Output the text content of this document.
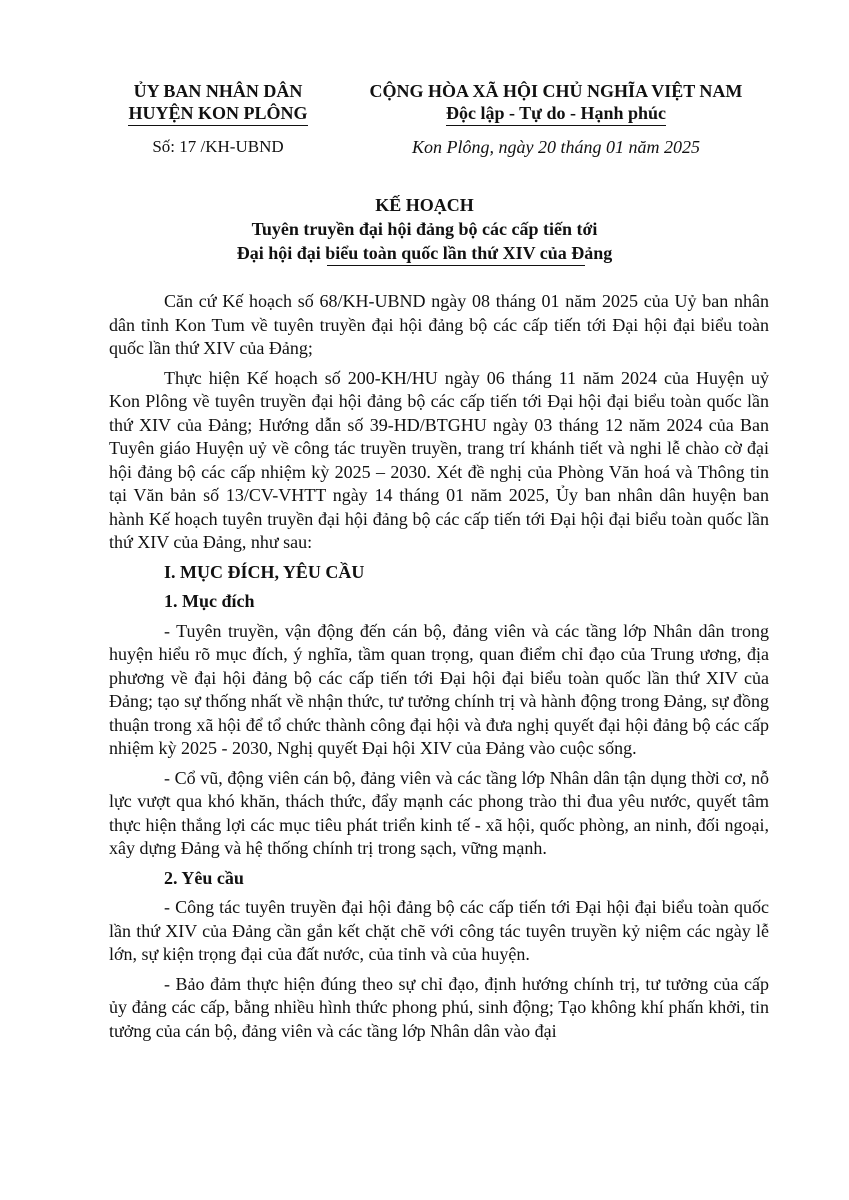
ỦY BAN NHÂN DÂN
HUYỆN KON PLÔNG
Số: 17 /KH-UBND
CỘNG HÒA XÃ HỘI CHỦ NGHĨA VIỆT NAM
Độc lập - Tự do - Hạnh phúc
Kon Plông, ngày 20 tháng 01 năm 2025
KẾ HOẠCH
Tuyên truyền đại hội đảng bộ các cấp tiến tới
Đại hội đại biểu toàn quốc lần thứ XIV của Đảng

Căn cứ Kế hoạch số 68/KH-UBND ngày 08 tháng 01 năm 2025 của Uỷ ban nhân dân tỉnh Kon Tum về tuyên truyền đại hội đảng bộ các cấp tiến tới Đại hội đại biểu toàn quốc lần thứ XIV của Đảng;

Thực hiện Kế hoạch số 200-KH/HU ngày 06 tháng 11 năm 2024 của Huyện uỷ Kon Plông về tuyên truyền đại hội đảng bộ các cấp tiến tới Đại hội đại biểu toàn quốc lần thứ XIV của Đảng; Hướng dẫn số 39-HD/BTGHU ngày 03 tháng 12 năm 2024 của Ban Tuyên giáo Huyện uỷ về công tác truyền truyền, trang trí khánh tiết và nghi lễ chào cờ đại hội đảng bộ các cấp nhiệm kỳ 2025 – 2030. Xét đề nghị của Phòng Văn hoá và Thông tin tại Văn bản số 13/CV-VHTT ngày 14 tháng 01 năm 2025, Ủy ban nhân dân huyện ban hành Kế hoạch tuyên truyền đại hội đảng bộ các cấp tiến tới Đại hội đại biểu toàn quốc lần thứ XIV của Đảng, như sau:

I. MỤC ĐÍCH, YÊU CẦU
1. Mục đích

- Tuyên truyền, vận động đến cán bộ, đảng viên và các tầng lớp Nhân dân trong huyện hiểu rõ mục đích, ý nghĩa, tầm quan trọng, quan điểm chỉ đạo của Trung ương, địa phương về đại hội đảng bộ các cấp tiến tới Đại hội đại biểu toàn quốc lần thứ XIV của Đảng; tạo sự thống nhất về nhận thức, tư tưởng chính trị và hành động trong Đảng, sự đồng thuận trong xã hội để tổ chức thành công đại hội và đưa nghị quyết đại hội đảng bộ các cấp nhiệm kỳ 2025 - 2030, Nghị quyết Đại hội XIV của Đảng vào cuộc sống.

- Cổ vũ, động viên cán bộ, đảng viên và các tầng lớp Nhân dân tận dụng thời cơ, nỗ lực vượt qua khó khăn, thách thức, đẩy mạnh các phong trào thi đua yêu nước, quyết tâm thực hiện thắng lợi các mục tiêu phát triển kinh tế - xã hội, quốc phòng, an ninh, đối ngoại, xây dựng Đảng và hệ thống chính trị trong sạch, vững mạnh.

2. Yêu cầu

- Công tác tuyên truyền đại hội đảng bộ các cấp tiến tới Đại hội đại biểu toàn quốc lần thứ XIV của Đảng cần gắn kết chặt chẽ với công tác tuyên truyền kỷ niệm các ngày lễ lớn, sự kiện trọng đại của đất nước, của tỉnh và của huyện.

- Bảo đảm thực hiện đúng theo sự chỉ đạo, định hướng chính trị, tư tưởng của cấp ủy đảng các cấp, bằng nhiều hình thức phong phú, sinh động; Tạo không khí phấn khởi, tin tưởng của cán bộ, đảng viên và các tầng lớp Nhân dân vào đại
